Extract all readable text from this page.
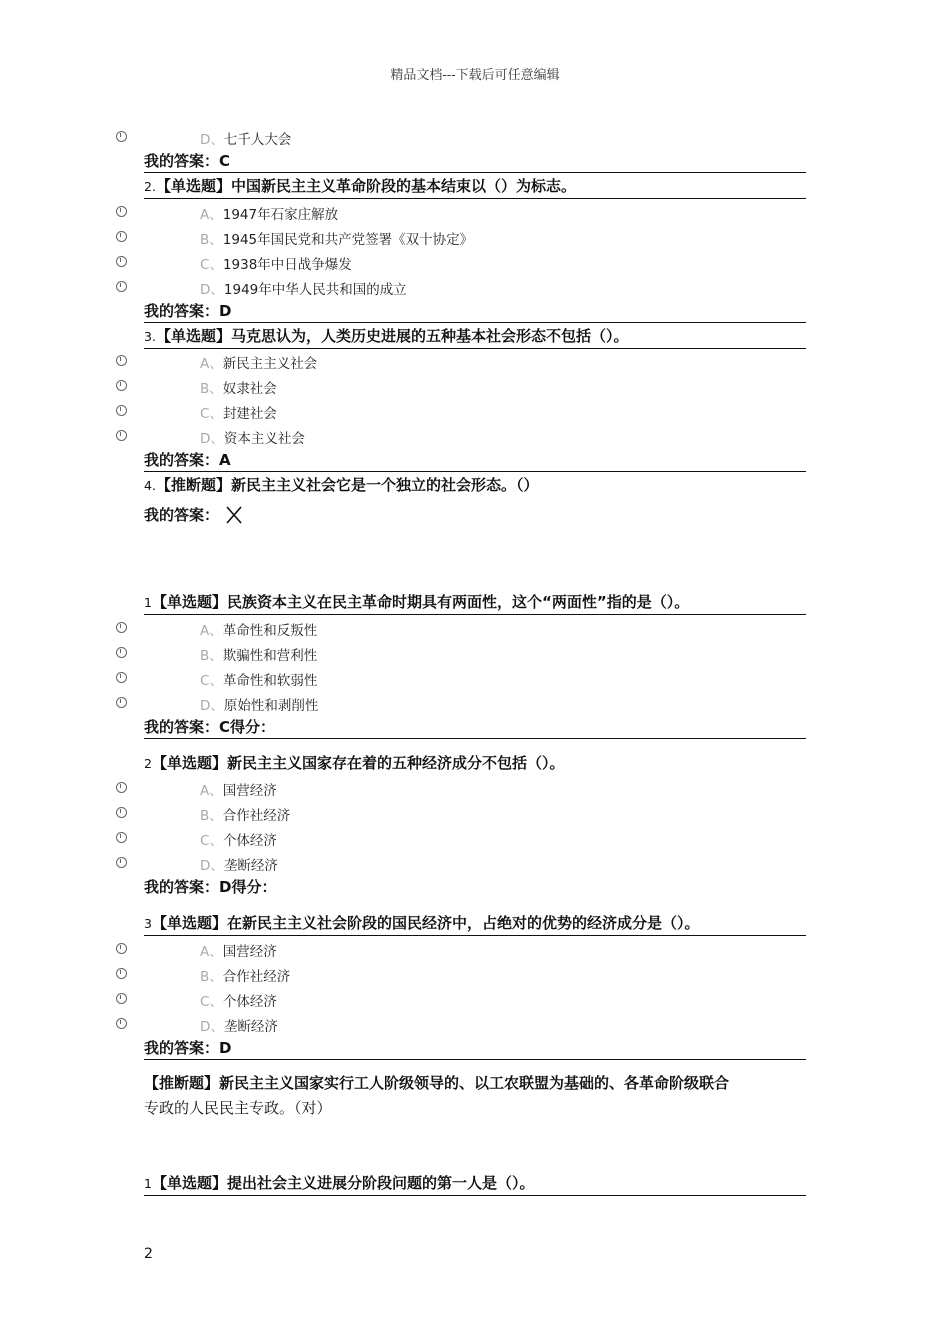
精品文档---下载后可任意编辑
D、七千人大会
我的答案：C
2.【单选题】中国新民主主义革命阶段的基本结束以（）为标志。
A、1947年石家庄解放
B、1945年国民党和共产党签署《双十协定》
C、1938年中日战争爆发
D、1949年中华人民共和国的成立
我的答案：D
3.【单选题】马克思认为，人类历史进展的五种基本社会形态不包括（）。
A、新民主主义社会
B、奴隶社会
C、封建社会
D、资本主义社会
我的答案：A
4.【推断题】新民主主义社会它是一个独立的社会形态。（）
我的答案：
1【单选题】民族资本主义在民主革命时期具有两面性，这个“两面性”指的是（）。
A、革命性和反叛性
B、欺骗性和营利性
C、革命性和软弱性
D、原始性和剥削性
我的答案：C得分：
2【单选题】新民主主义国家存在着的五种经济成分不包括（）。
A、国营经济
B、合作社经济
C、个体经济
D、垄断经济
我的答案：D得分：
3【单选题】在新民主主义社会阶段的国民经济中，占绝对的优势的经济成分是（）。
A、国营经济
B、合作社经济
C、个体经济
D、垄断经济
我的答案：D
【推断题】新民主主义国家实行工人阶级领导的、以工农联盟为基础的、各革命阶级联合
专政的人民民主专政。（对）
1【单选题】提出社会主义进展分阶段问题的第一人是（）。
2
